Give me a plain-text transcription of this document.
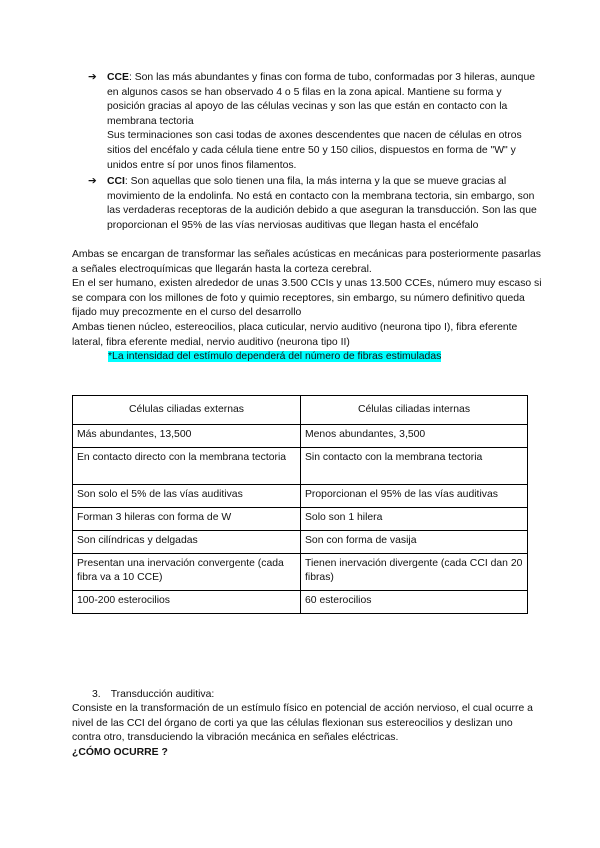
➔ CCE: Son las más abundantes y finas con forma de tubo, conformadas por 3 hileras, aunque en algunos casos se han observado 4 o 5 filas en la zona apical. Mantiene su forma y posición gracias al apoyo de las células vecinas y son las que están en contacto con la membrana tectoria

Sus terminaciones son casi todas de axones descendentes que nacen de células en otros sitios del encéfalo y cada célula tiene entre 50 y 150 cilios, dispuestos en forma de "W" y unidos entre sí por unos finos filamentos.

➔ CCI: Son aquellas que solo tienen una fila, la más interna y la que se mueve gracias al movimiento de la endolinfa. No está en contacto con la membrana tectoria, sin embargo, son las verdaderas receptoras de la audición debido a que aseguran la transducción. Son las que proporcionan el 95% de las vías nerviosas auditivas que llegan hasta el encéfalo

Ambas se encargan de transformar las señales acústicas en mecánicas para posteriormente pasarlas a señales electroquímicas que llegarán hasta la corteza cerebral.

En el ser humano, existen alrededor de unas 3.500 CCIs y unas 13.500 CCEs, número muy escaso si se compara con los millones de foto y quimio receptores, sin embargo, su número definitivo queda fijado muy precozmente en el curso del desarrollo

Ambas tienen núcleo, estereocilios, placa cuticular, nervio auditivo (neurona tipo I), fibra eferente lateral, fibra eferente medial, nervio auditivo (neurona tipo II)

*La intensidad del estímulo dependerá del número de fibras estimuladas
Células ciliadas externas	Células ciliadas internas
Más abundantes, 13,500	Menos abundantes, 3,500
En contacto directo con la membrana tectoria	Sin contacto con la membrana tectoria
Son solo el 5% de las vías auditivas	Proporcionan el 95% de las vías auditivas
Forman 3 hileras con forma de W	Solo son 1 hilera
Son cilíndricas y delgadas	Son con forma de vasija
Presentan una inervación convergente (cada fibra va a 10 CCE)	Tienen inervación divergente (cada CCI dan 20 fibras)
100-200 esterocilios	60 esterocilios
3. Transducción auditiva:

Consiste en la transformación de un estímulo físico en potencial de acción nervioso, el cual ocurre a nivel de las CCI del órgano de corti ya que las células flexionan sus estereocilios y deslizan uno contra otro, transduciendo la vibración mecánica en señales eléctricas.

¿CÓMO OCURRE ?
